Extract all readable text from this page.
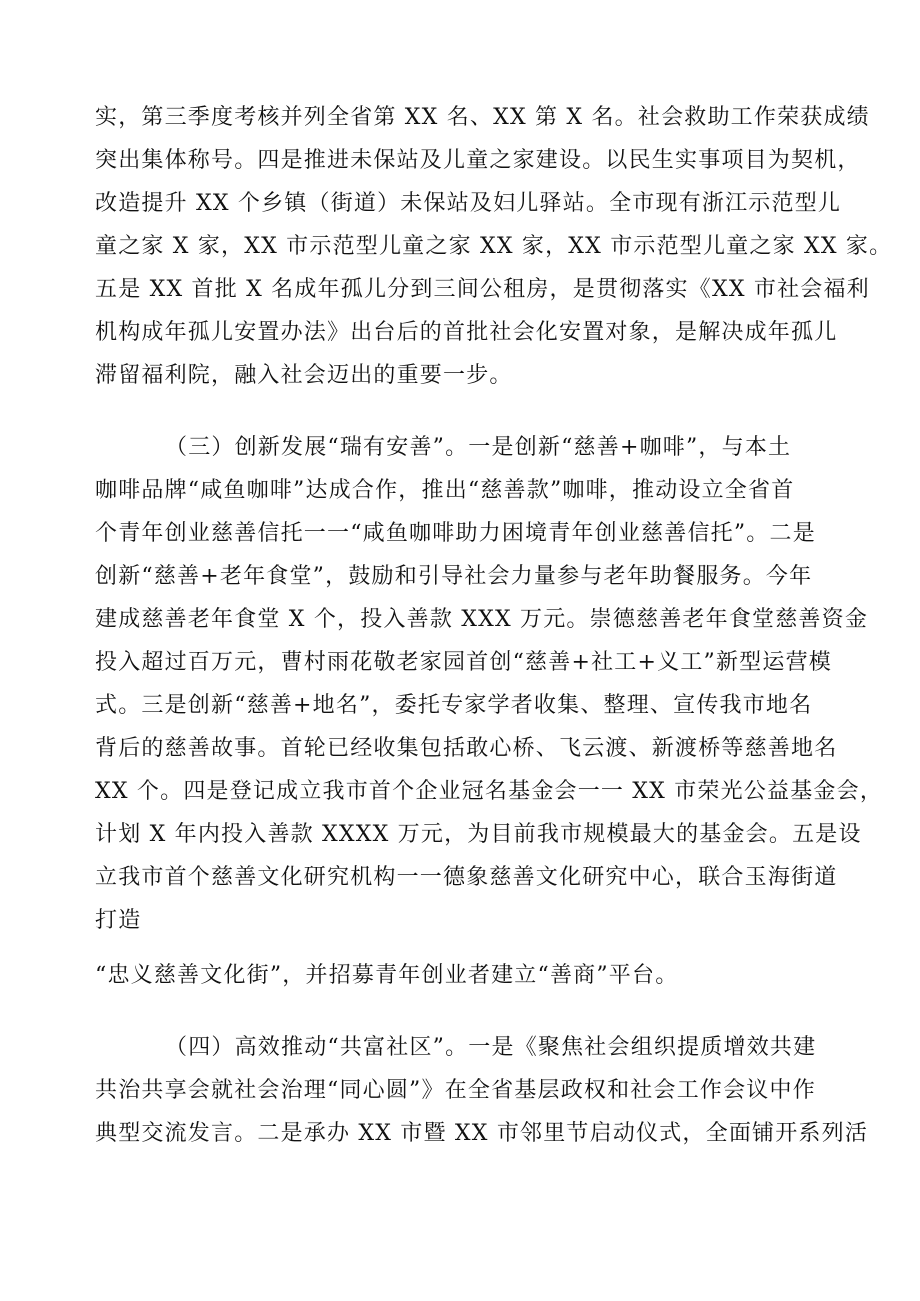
实，第三季度考核并列全省第 XX 名、XX 第 X 名。社会救助工作荣获成绩
突出集体称号。四是推进未保站及儿童之家建设。以民生实事项目为契机，
改造提升 XX 个乡镇（街道）未保站及妇儿驿站。全市现有浙江示范型儿
童之家 X 家，XX 市示范型儿童之家 XX 家，XX 市示范型儿童之家 XX 家。
五是 XX 首批 X 名成年孤儿分到三间公租房，是贯彻落实《XX 市社会福利
机构成年孤儿安置办法》出台后的首批社会化安置对象，是解决成年孤儿
滞留福利院，融入社会迈出的重要一步。
（三）创新发展“瑞有安善”。一是创新“慈善+咖啡”，与本土
咖啡品牌“咸鱼咖啡”达成合作，推出“慈善款”咖啡，推动设立全省首
个青年创业慈善信托一一“咸鱼咖啡助力困境青年创业慈善信托”。二是
创新“慈善+老年食堂”，鼓励和引导社会力量参与老年助餐服务。今年
建成慈善老年食堂 X 个，投入善款 XXX 万元。崇德慈善老年食堂慈善资金
投入超过百万元，曹村雨花敬老家园首创“慈善+社工+义工”新型运营模
式。三是创新“慈善+地名”，委托专家学者收集、整理、宣传我市地名
背后的慈善故事。首轮已经收集包括敢心桥、飞云渡、新渡桥等慈善地名
XX 个。四是登记成立我市首个企业冠名基金会一一 XX 市荣光公益基金会，
计划 X 年内投入善款 XXXX 万元，为目前我市规模最大的基金会。五是设
立我市首个慈善文化研究机构一一德象慈善文化研究中心，联合玉海街道
打造
“忠义慈善文化街”，并招募青年创业者建立“善商”平台。
（四）高效推动“共富社区”。一是《聚焦社会组织提质增效共建
共治共享会就社会治理“同心圆”》在全省基层政权和社会工作会议中作
典型交流发言。二是承办 XX 市暨 XX 市邻里节启动仪式，全面铺开系列活
